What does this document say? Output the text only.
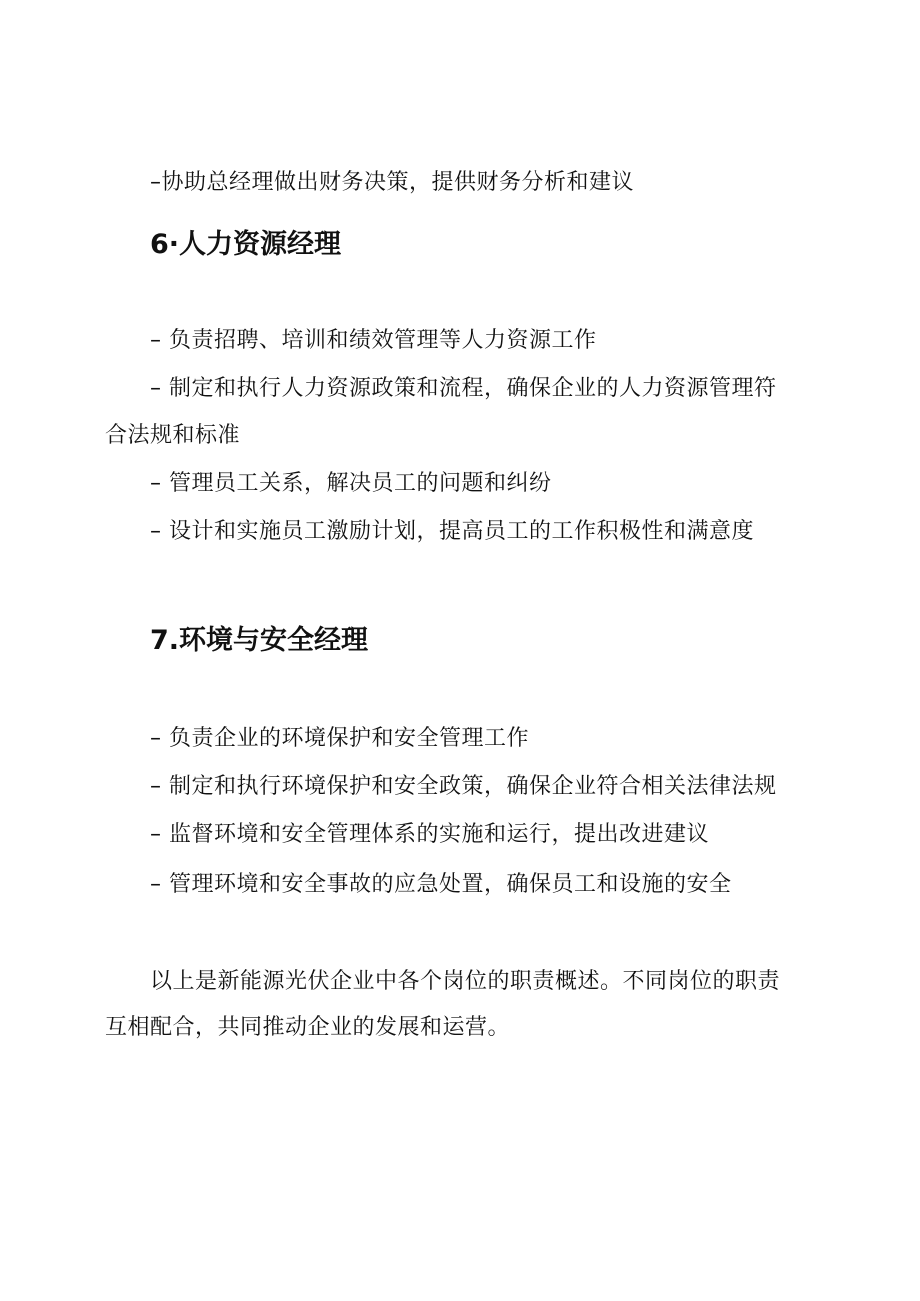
–协助总经理做出财务决策，提供财务分析和建议
6·人力资源经理
– 负责招聘、培训和绩效管理等人力资源工作
– 制定和执行人力资源政策和流程，确保企业的人力资源管理符
合法规和标准
– 管理员工关系，解决员工的问题和纠纷
– 设计和实施员工激励计划，提高员工的工作积极性和满意度
7.环境与安全经理
– 负责企业的环境保护和安全管理工作
– 制定和执行环境保护和安全政策，确保企业符合相关法律法规
– 监督环境和安全管理体系的实施和运行，提出改进建议
– 管理环境和安全事故的应急处置，确保员工和设施的安全
以上是新能源光伏企业中各个岗位的职责概述。不同岗位的职责
互相配合，共同推动企业的发展和运营。
